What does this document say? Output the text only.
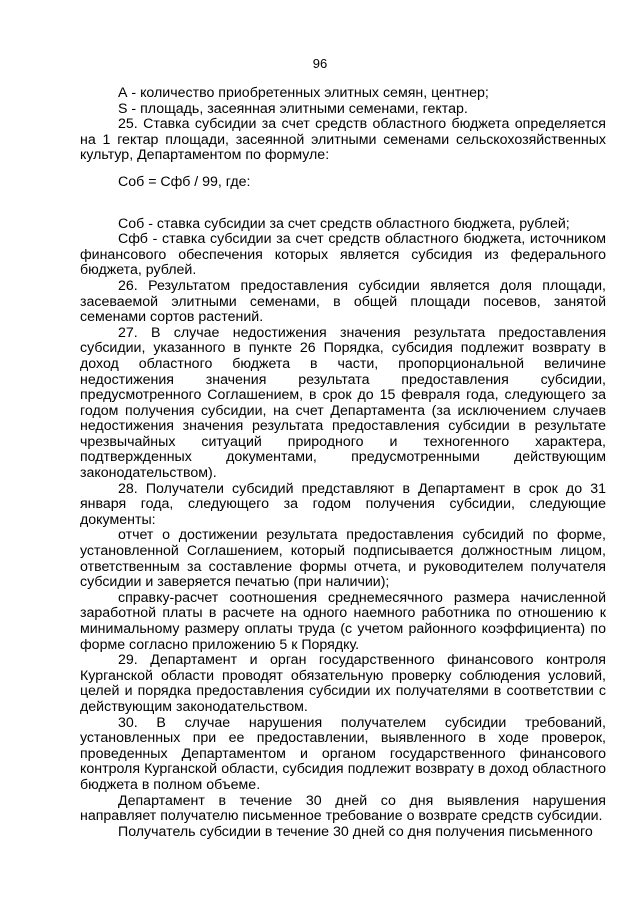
96

А - количество приобретенных элитных семян, центнер;

S - площадь, засеянная элитными семенами, гектар.

25. Ставка субсидии за счет средств областного бюджета определяется на 1 гектар площади, засеянной элитными семенами сельскохозяйственных культур, Департаментом по формуле:

Соб = Сфб / 99, где:

Соб - ставка субсидии за счет средств областного бюджета, рублей;

Сфб - ставка субсидии за счет средств областного бюджета, источником финансового обеспечения которых является субсидия из федерального бюджета, рублей.

26. Результатом предоставления субсидии является доля площади, засеваемой элитными семенами, в общей площади посевов, занятой семенами сортов растений.

27. В случае недостижения значения результата предоставления субсидии, указанного в пункте 26 Порядка, субсидия подлежит возврату в доход областного бюджета в части, пропорциональной величине недостижения значения результата предоставления субсидии, предусмотренного Соглашением, в срок до 15 февраля года, следующего за годом получения субсидии, на счет Департамента (за исключением случаев недостижения значения результата предоставления субсидии в результате чрезвычайных ситуаций природного и техногенного характера, подтвержденных документами, предусмотренными действующим законодательством).

28. Получатели субсидий представляют в Департамент в срок до 31 января года, следующего за годом получения субсидии, следующие документы:

отчет о достижении результата предоставления субсидий по форме, установленной Соглашением, который подписывается должностным лицом, ответственным за составление формы отчета, и руководителем получателя субсидии и заверяется печатью (при наличии);

справку-расчет соотношения среднемесячного размера начисленной заработной платы в расчете на одного наемного работника по отношению к минимальному размеру оплаты труда (с учетом районного коэффициента) по форме согласно приложению 5 к Порядку.

29. Департамент и орган государственного финансового контроля Курганской области проводят обязательную проверку соблюдения условий, целей и порядка предоставления субсидии их получателями в соответствии с действующим законодательством.

30. В случае нарушения получателем субсидии требований, установленных при ее предоставлении, выявленного в ходе проверок, проведенных Департаментом и органом государственного финансового контроля Курганской области, субсидия подлежит возврату в доход областного бюджета в полном объеме.

Департамент в течение 30 дней со дня выявления нарушения направляет получателю письменное требование о возврате средств субсидии.

Получатель субсидии в течение 30 дней со дня получения письменного
